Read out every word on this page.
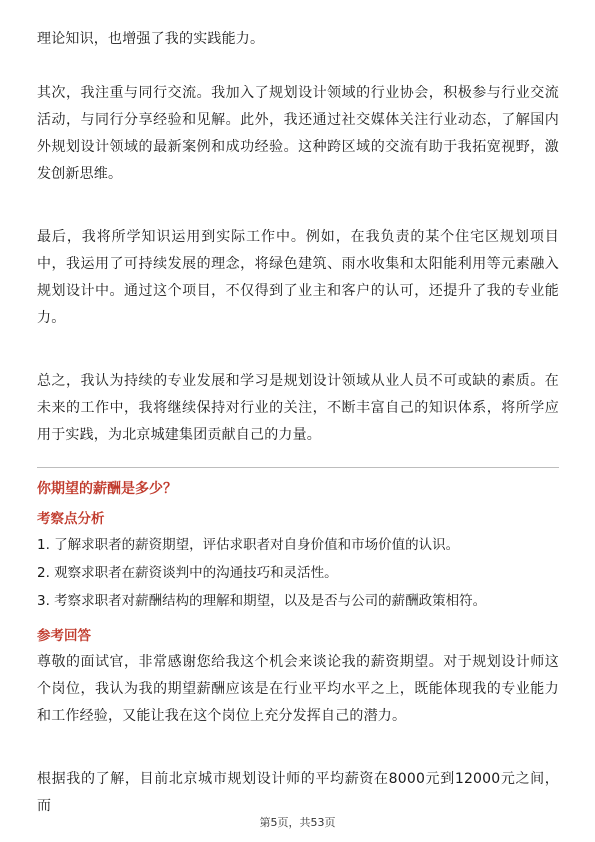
理论知识，也增强了我的实践能力。

其次，我注重与同行交流。我加入了规划设计领域的行业协会，积极参与行业交流活动，与同行分享经验和见解。此外，我还通过社交媒体关注行业动态，了解国内外规划设计领域的最新案例和成功经验。这种跨区域的交流有助于我拓宽视野，激发创新思维。

最后，我将所学知识运用到实际工作中。例如，在我负责的某个住宅区规划项目中，我运用了可持续发展的理念，将绿色建筑、雨水收集和太阳能利用等元素融入规划设计中。通过这个项目，不仅得到了业主和客户的认可，还提升了我的专业能力。

总之，我认为持续的专业发展和学习是规划设计领域从业人员不可或缺的素质。在未来的工作中，我将继续保持对行业的关注，不断丰富自己的知识体系，将所学应用于实践，为北京城建集团贡献自己的力量。

你期望的薪酬是多少？

考察点分析

1. 了解求职者的薪资期望，评估求职者对自身价值和市场价值的认识。

2. 观察求职者在薪资谈判中的沟通技巧和灵活性。

3. 考察求职者对薪酬结构的理解和期望，以及是否与公司的薪酬政策相符。

参考回答

尊敬的面试官，非常感谢您给我这个机会来谈论我的薪资期望。对于规划设计师这个岗位，我认为我的期望薪酬应该是在行业平均水平之上，既能体现我的专业能力和工作经验，又能让我在这个岗位上充分发挥自己的潜力。

根据我的了解，目前北京城市规划设计师的平均薪资在8000元到12000元之间，而

第5页，共53页
